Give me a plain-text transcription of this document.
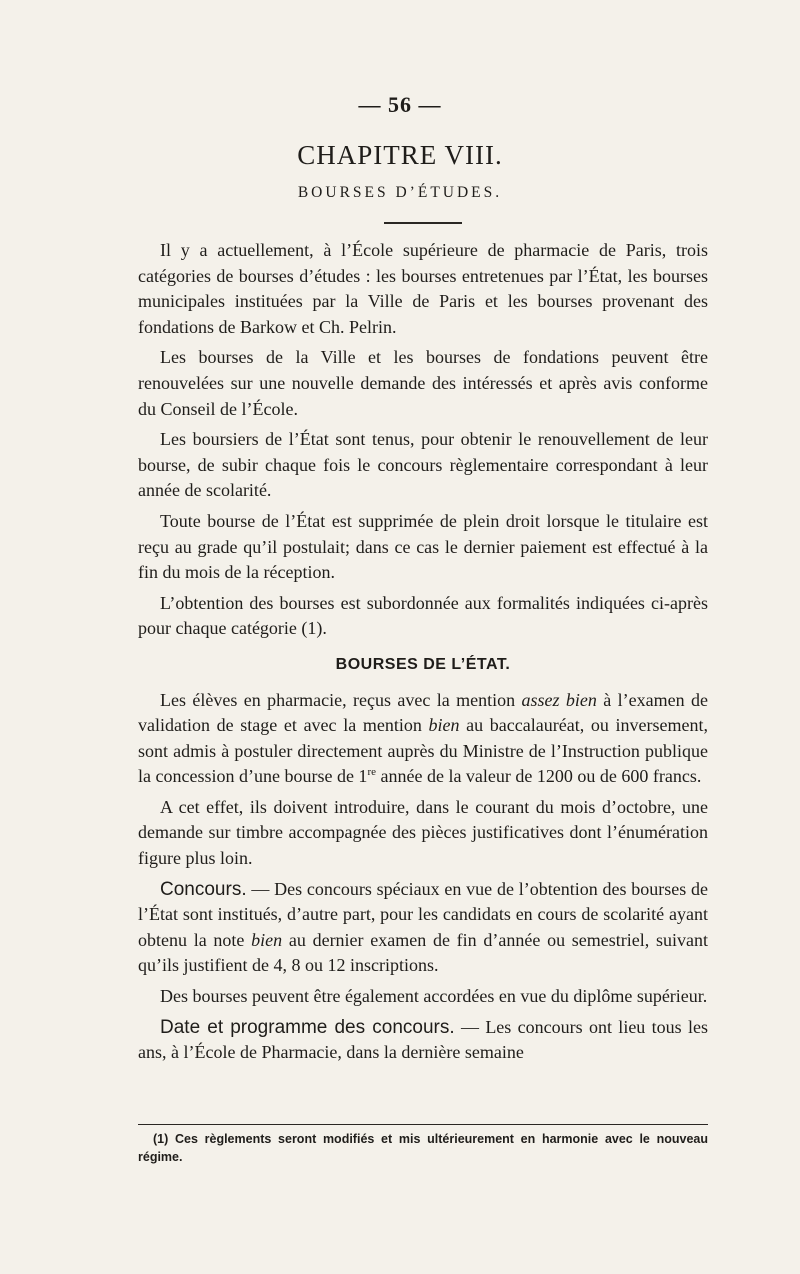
— 56 —
CHAPITRE VIII.
BOURSES D’ÉTUDES.

Il y a actuellement, à l’École supérieure de pharmacie de Paris, trois catégories de bourses d’études : les bourses entretenues par l’État, les bourses municipales instituées par la Ville de Paris et les bourses provenant des fondations de Barkow et Ch. Pelrin.

Les bourses de la Ville et les bourses de fondations peuvent être renouvelées sur une nouvelle demande des intéressés et après avis conforme du Conseil de l’École.

Les boursiers de l’État sont tenus, pour obtenir le renouvellement de leur bourse, de subir chaque fois le concours règlementaire correspondant à leur année de scolarité.

Toute bourse de l’État est supprimée de plein droit lorsque le titulaire est reçu au grade qu’il postulait; dans ce cas le dernier paiement est effectué à la fin du mois de la réception.

L’obtention des bourses est subordonnée aux formalités indiquées ci-après pour chaque catégorie (1).

BOURSES DE L’ÉTAT.

Les élèves en pharmacie, reçus avec la mention assez bien à l’examen de validation de stage et avec la mention bien au baccalauréat, ou inversement, sont admis à postuler directement auprès du Ministre de l’Instruction publique la concession d’une bourse de 1re année de la valeur de 1200 ou de 600 francs.

A cet effet, ils doivent introduire, dans le courant du mois d’octobre, une demande sur timbre accompagnée des pièces justificatives dont l’énumération figure plus loin.

Concours. — Des concours spéciaux en vue de l’obtention des bourses de l’État sont institués, d’autre part, pour les candidats en cours de scolarité ayant obtenu la note bien au dernier examen de fin d’année ou semestriel, suivant qu’ils justifient de 4, 8 ou 12 inscriptions.

Des bourses peuvent être également accordées en vue du diplôme supérieur.

Date et programme des concours. — Les concours ont lieu tous les ans, à l’École de Pharmacie, dans la dernière semaine

(1) Ces règlements seront modifiés et mis ultérieurement en harmonie avec le nouveau régime.
